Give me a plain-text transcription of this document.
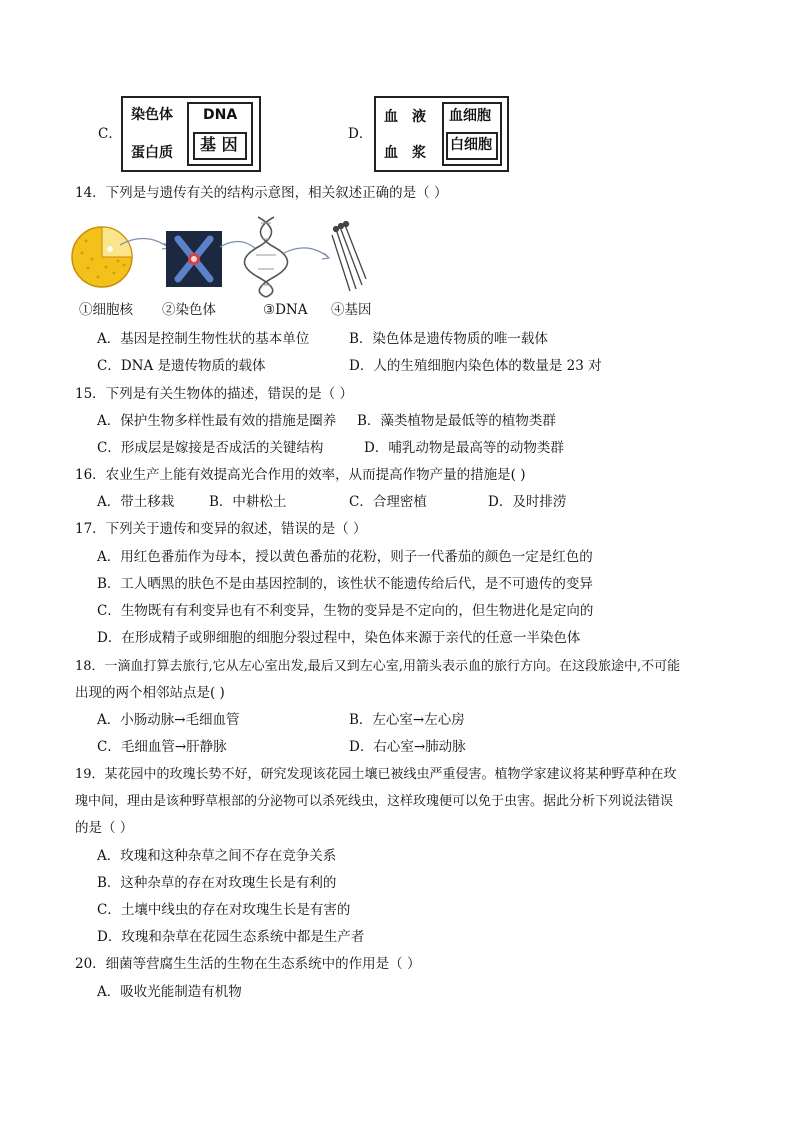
C．
染色体
蛋白质
DNA
基 因
D．
血　液
血　浆
血细胞
白细胞
14．下列是与遗传有关的结构示意图，相关叙述正确的是（ ）
①细胞核 ②染色体	③DNA ④基因
A．基因是控制生物性状的基本单位	B．染色体是遗传物质的唯一载体
C．DNA 是遗传物质的载体	D．人的生殖细胞内染色体的数量是 23 对
15．下列是有关生物体的描述，错误的是（ ）
A．保护生物多样性最有效的措施是圈养 B．藻类植物是最低等的植物类群
C．形成层是嫁接是否成活的关键结构	D．哺乳动物是最高等的动物类群
16．农业生产上能有效提高光合作用的效率，从而提高作物产量的措施是( )
A．带土移栽	B．中耕松土	C．合理密植	D．及时排涝
17．下列关于遗传和变异的叙述，错误的是（ ）
A．用红色番茄作为母本，授以黄色番茄的花粉，则子一代番茄的颜色一定是红色的
B．工人晒黑的肤色不是由基因控制的，该性状不能遗传给后代，是不可遗传的变异
C．生物既有有利变异也有不利变异，生物的变异是不定向的，但生物进化是定向的
D．在形成精子或卵细胞的细胞分裂过程中，染色体来源于亲代的任意一半染色体
18．一滴血打算去旅行,它从左心室出发,最后又到左心室,用箭头表示血的旅行方向。在这段旅途中,不可能
出现的两个相邻站点是( )
A．小肠动脉→毛细血管	B．左心室→左心房
C．毛细血管→肝静脉	D．右心室→肺动脉
19．某花园中的玫瑰长势不好，研究发现该花园土壤已被线虫严重侵害。植物学家建议将某种野草种在玫
瑰中间，理由是该种野草根部的分泌物可以杀死线虫，这样玫瑰便可以免于虫害。据此分析下列说法错误
的是（ ）
A．玫瑰和这种杂草之间不存在竞争关系
B．这种杂草的存在对玫瑰生长是有利的
C．土壤中线虫的存在对玫瑰生长是有害的
D．玫瑰和杂草在花园生态系统中都是生产者
20．细菌等营腐生生活的生物在生态系统中的作用是（ ）
A．吸收光能制造有机物
